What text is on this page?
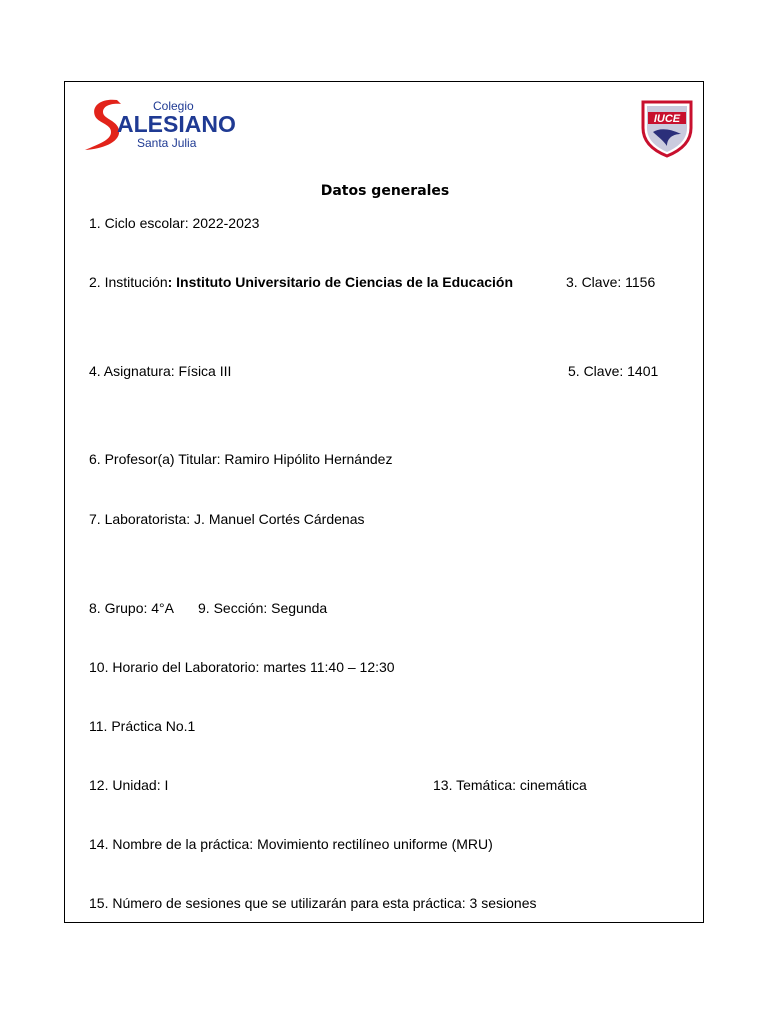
Colegio
ALESIANO
Santa Julia
IUCE
Datos generales
1. Ciclo escolar: 2022-2023
2. Institución: Instituto Universitario de Ciencias de la Educación	3. Clave: 1156
4. Asignatura: Física III	5. Clave: 1401
6. Profesor(a) Titular: Ramiro Hipólito Hernández
7. Laboratorista: J. Manuel Cortés Cárdenas
8. Grupo: 4°A 9. Sección: Segunda
10. Horario del Laboratorio: martes 11:40 – 12:30
11. Práctica No.1
12. Unidad: I	13. Temática: cinemática
14. Nombre de la práctica: Movimiento rectilíneo uniforme (MRU)
15. Número de sesiones que se utilizarán para esta práctica: 3 sesiones
